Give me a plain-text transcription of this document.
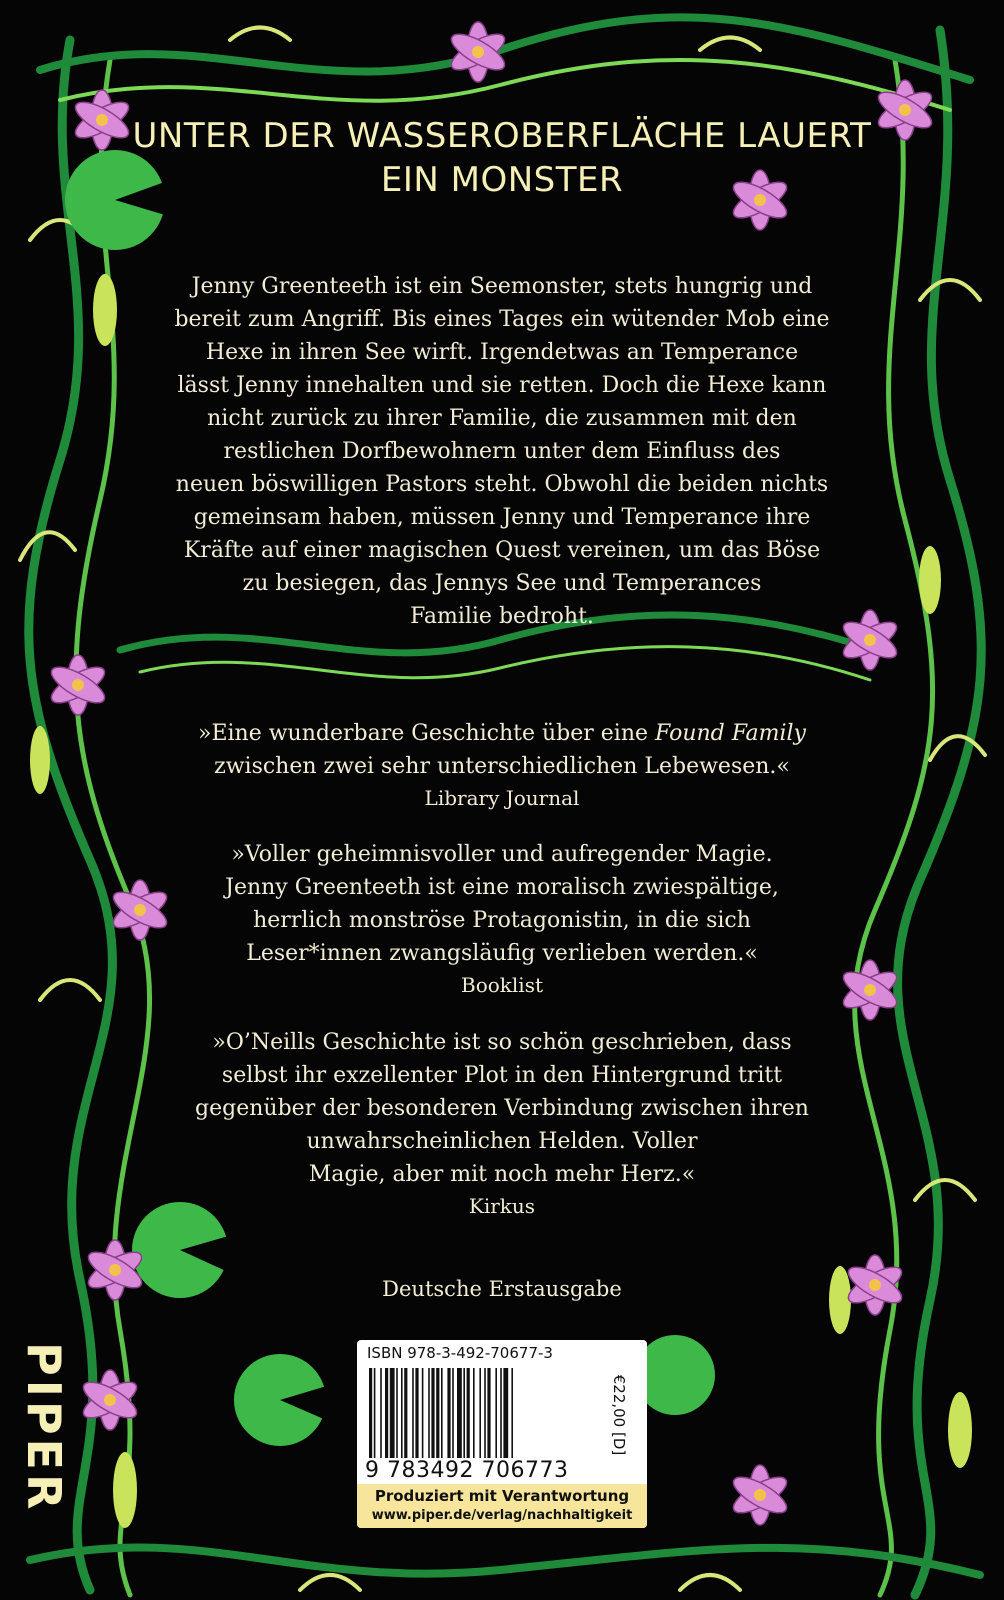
UNTER DER WASSEROBERFLÄCHE LAUERT
EIN MONSTER
Jenny Greenteeth ist ein Seemonster, stets hungrig und
bereit zum Angriff. Bis eines Tages ein wütender Mob eine
Hexe in ihren See wirft. Irgendetwas an Temperance
lässt Jenny innehalten und sie retten. Doch die Hexe kann
nicht zurück zu ihrer Familie, die zusammen mit den
restlichen Dorfbewohnern unter dem Einfluss des
neuen böswilligen Pastors steht. Obwohl die beiden nichts
gemeinsam haben, müssen Jenny und Temperance ihre
Kräfte auf einer magischen Quest vereinen, um das Böse
zu besiegen, das Jennys See und Temperances
Familie bedroht.
»Eine wunderbare Geschichte über eine Found Family
zwischen zwei sehr unterschiedlichen Lebewesen.«
Library Journal
»Voller geheimnisvoller und aufregender Magie.
Jenny Greenteeth ist eine moralisch zwiespältige,
herrlich monströse Protagonistin, in die sich
Leser*innen zwangsläufig verlieben werden.«
Booklist
»O’Neills Geschichte ist so schön geschrieben, dass
selbst ihr exzellenter Plot in den Hintergrund tritt
gegenüber der besonderen Verbindung zwischen ihren
unwahrscheinlichen Helden. Voller
Magie, aber mit noch mehr Herz.«
Kirkus
Deutsche Erstausgabe
PIPER	ISBN 978-3-492-70677-3
9 783492 706773
€22,00 [D]
Produziert mit Verantwortung
www.piper.de/verlag/nachhaltigkeit
